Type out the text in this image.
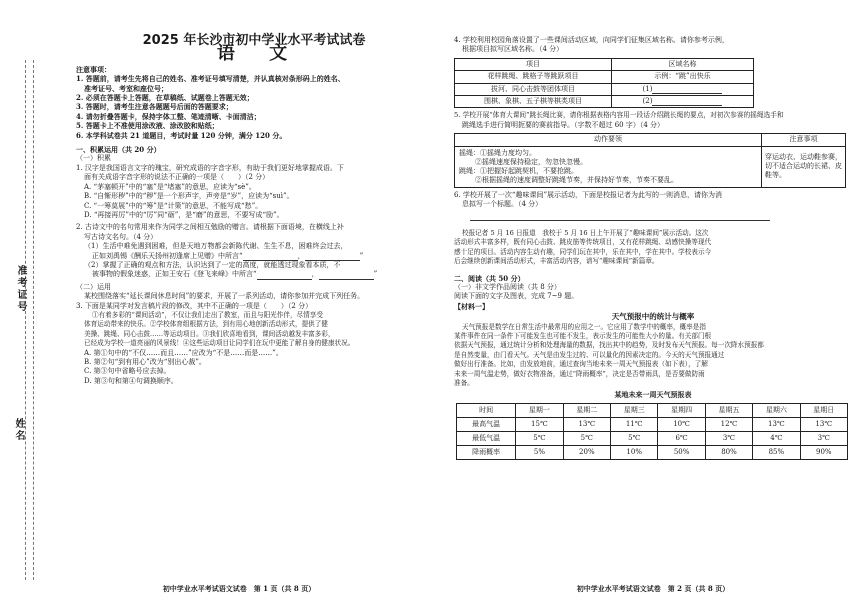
准考证号
姓名
2025 年长沙市初中学业水平考试试卷
语 文

注意事项：

1. 答题前，请考生先将自己的姓名、准考证号填写清楚，并认真核对条形码上的姓名、

准考证号、考室和座位号；

2. 必须在答题卡上答题，在草稿纸、试题卷上答题无效；

3. 答题时，请考生注意各题题号后面的答题要求；

4. 请勿折叠答题卡，保持字体工整、笔迹清晰、卡面清洁；

5. 答题卡上不准使用涂改液、涂改胶和贴纸；

6. 本学科试卷共 21 道题目，考试时量 120 分钟，满分 120 分。

一、积累运用（共 20 分）

（一）积累

1. 汉字是我国语言文字的瑰宝，研究成语的字音字形，有助于我们更好地掌握成语。下

面有关成语字音字形的说法不正确的一项是（　　）（2 分）

A. “茅塞顿开”中的“塞”是“堵塞”的意思，应读为“sè”。

B. “自惭形秽”中的“秽”是一个形声字，声旁是“岁”，应读为“suì”。

C. “一筹莫展”中的“筹”是“计策”的意思，不能写成“愁”。

D. “再接再厉”中的“厉”同“砺”，是“磨”的意思，不要写成“励”。

2. 古诗文中的名句常用来作为同学之间相互勉励的赠言。请根据下面语境，在横线上补

写古诗文名句。（4 分）

（1）生活中难免遇到困难，但是天地万物都会新陈代谢、生生不息，困难终会过去，

正如刘禹锡《酬乐天扬州初逢席上见赠》中所言“	，	”

（2）掌握了正确的观点和方法，认识达到了一定的高度，就能透过现象看本质，不

被事物的假象迷惑，正如王安石《登飞来峰》中所言“	，	”

（二）运用

某校围绕落实“延长课间休息时间”的要求，开展了一系列活动，请你参加并完成下列任务。

3. 下面是某同学对发言稿片段的修改，其中不正确的一项是（　　）（2 分）

①有着多彩的“课间活动”，不仅让我们走出了教室，而且与阳光作伴，尽情享受

体育运动带来的快乐。②学校体育组根据方法，到有用心地创新活动形式，提供了健

美操、跳绳、同心击鼓……等运动项目。③我们欣喜地看到，课间活动越发丰富多彩，

已经成为学校一道亮丽的风景线！④这些运动项目让同学们在玩中更能了解自身的健康状况。

A. 第①句中的“不仅……而且……”应改为“不是……而是……”。

B. 第②句“到有用心”改为“别出心裁”。

C. 第③句中省略号应去掉。

D. 第③句和第④句调换顺序。

初中学业水平考试语文试卷　第 1 页（共 8 页）

4. 学校利用校园角落设置了一些课间活动区域，向同学们征集区域名称。请你参考示例，

根据项目拟写区域名称。（4 分）

项目	区域名称
花样跳绳、跳格子等跳跃项目	示例：“跳”出快乐
拔河、同心击鼓等团体项目	(1)
围棋、象棋、五子棋等棋类项目	(2)

5. 学校开展“体育大课间”跳长绳比赛，请你根据表格内容用一段话介绍跳长绳的要点，对初次参赛的摇绳选手和

跳绳选手进行简明扼要的赛前指导。（字数不超过 60 字）（4 分）

动作要领	注意事项

摇绳：①摇绳力度均匀。

②摇绳速度保持稳定，勿忽快忽慢。

跳绳：①把握好起跳契机，不要抢跳。

②根据摇绳的速度调整好跳绳节奏，并保持好节奏，节奏不要乱。	穿运动衣、运动鞋参赛，切不适合运动的长裙、皮鞋等。

6. 学校开展了一次“趣味课间”展示活动，下面是校报记者为此写的一则消息，请你为消

息拟写一个标题。（4 分）

校报记者 5 月 16 日报道　我校于 5 月 16 日上午开展了“趣味课间”展示活动。这次

活动形式丰富多样，既有同心击鼓、跳皮筋等传统项目，又有花样跳绳、动感快操等现代

感十足的项目。活动内容生动有趣，同学们玩在其中，乐在其中，学在其中。学校表示今

后会继续创新课间活动形式，丰富活动内容，谱写“趣味课间”新篇章。

二、阅读（共 50 分）

（一）非文学作品阅读（共 8 分）

阅读下面的文字及图表，完成 7~9 题。

【材料一】

天气预报中的统计与概率

天气预报是数学在日常生活中最常用的应用之一。它应用了数学中的概率，概率是指

某件事件在同一条件下可能发生也可能不发生，表示发生的可能性大小的量。有关部门根

依据天气预报，通过统计分析和处理海量的数据，找出其中的趋势，及时发布天气预报。每一次降水预报都

是自然变量，由门看天气。天气是由发生过的、可以量化的因素决定的。今天的天气预报通过

做好出行准备。比如，由发放地前，通过查询当地未来一周天气预报表（如下表），了解

未来一周气温走势，做好衣物准备，通过“降雨概率”，决定是否带雨具，是否要做防雨

准备。

某地未来一周天气预报表

时间	星期一	星期二	星期三	星期四	星期五	星期六	星期日
最高气温	15℃	13℃	11℃	10℃	12℃	13℃	13℃
最低气温	5℃	5℃	5℃	6℃	3℃	4℃	3℃
降雨概率	5%	20%	10%	50%	80%	85%	90%
初中学业水平考试语文试卷　第 2 页（共 8 页）
